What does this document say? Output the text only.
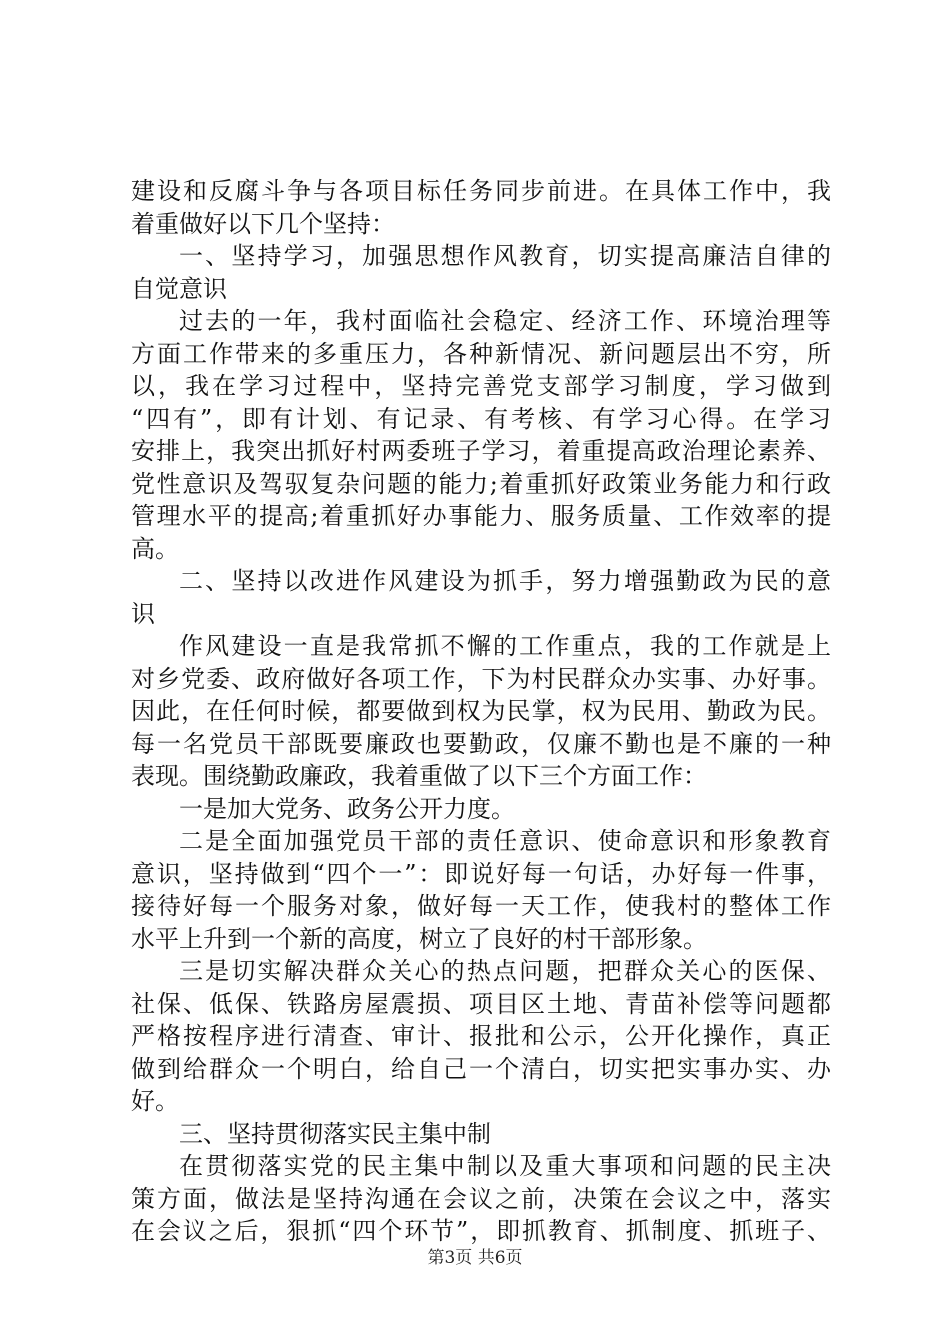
建设和反腐斗争与各项目标任务同步前进。在具体工作中，我
着重做好以下几个坚持：
一、坚持学习，加强思想作风教育，切实提高廉洁自律的
自觉意识
过去的一年，我村面临社会稳定、经济工作、环境治理等
方面工作带来的多重压力，各种新情况、新问题层出不穷，所
以，我在学习过程中，坚持完善党支部学习制度，学习做到
“四有”，即有计划、有记录、有考核、有学习心得。在学习
安排上，我突出抓好村两委班子学习，着重提高政治理论素养、
党性意识及驾驭复杂问题的能力;着重抓好政策业务能力和行政
管理水平的提高;着重抓好办事能力、服务质量、工作效率的提
高。
二、坚持以改进作风建设为抓手，努力增强勤政为民的意
识
作风建设一直是我常抓不懈的工作重点，我的工作就是上
对乡党委、政府做好各项工作，下为村民群众办实事、办好事。
因此，在任何时候，都要做到权为民掌，权为民用、勤政为民。
每一名党员干部既要廉政也要勤政，仅廉不勤也是不廉的一种
表现。围绕勤政廉政，我着重做了以下三个方面工作：
一是加大党务、政务公开力度。
二是全面加强党员干部的责任意识、使命意识和形象教育
意识，坚持做到“四个一”：即说好每一句话，办好每一件事，
接待好每一个服务对象，做好每一天工作，使我村的整体工作
水平上升到一个新的高度，树立了良好的村干部形象。
三是切实解决群众关心的热点问题，把群众关心的医保、
社保、低保、铁路房屋震损、项目区土地、青苗补偿等问题都
严格按程序进行清查、审计、报批和公示，公开化操作，真正
做到给群众一个明白，给自己一个清白，切实把实事办实、办
好。
三、坚持贯彻落实民主集中制
在贯彻落实党的民主集中制以及重大事项和问题的民主决
策方面，做法是坚持沟通在会议之前，决策在会议之中，落实
在会议之后，狠抓“四个环节”，即抓教育、抓制度、抓班子、
第3页 共6页
